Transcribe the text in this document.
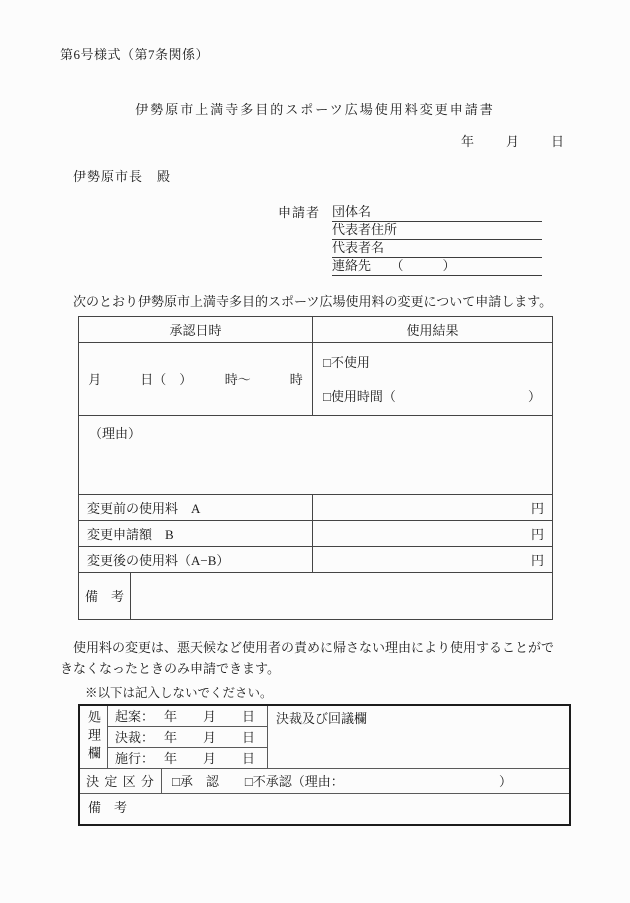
第6号様式（第7条関係）
伊勢原市上満寺多目的スポーツ広場使用料変更申請書
年　　月　　日
伊勢原市長　殿
申請者 団体名
代表者住所
代表者名
連絡先　　（　　　）

　次のとおり伊勢原市上満寺多目的スポーツ広場使用料の変更について申請します。

承認日時	使用結果
月　　　日（　）　　　時～　　　時
□不使用
□使用時間（	）
（理由）
変更前の使用料　A	円
変更申請額　B	円
変更後の使用料（A−B）	円
備　考

　使用料の変更は、悪天候など使用者の責めに帰さない理由により使用することができなくなったときのみ申請できます。

※以下は記入しないでください。
処理欄 起案： 年　　月　　日
決裁： 年　　月　　日
施行： 年　　月　　日
決裁及び回議欄
決 定 区 分	□承　認 　　□不承認（理由：	）
備　考
